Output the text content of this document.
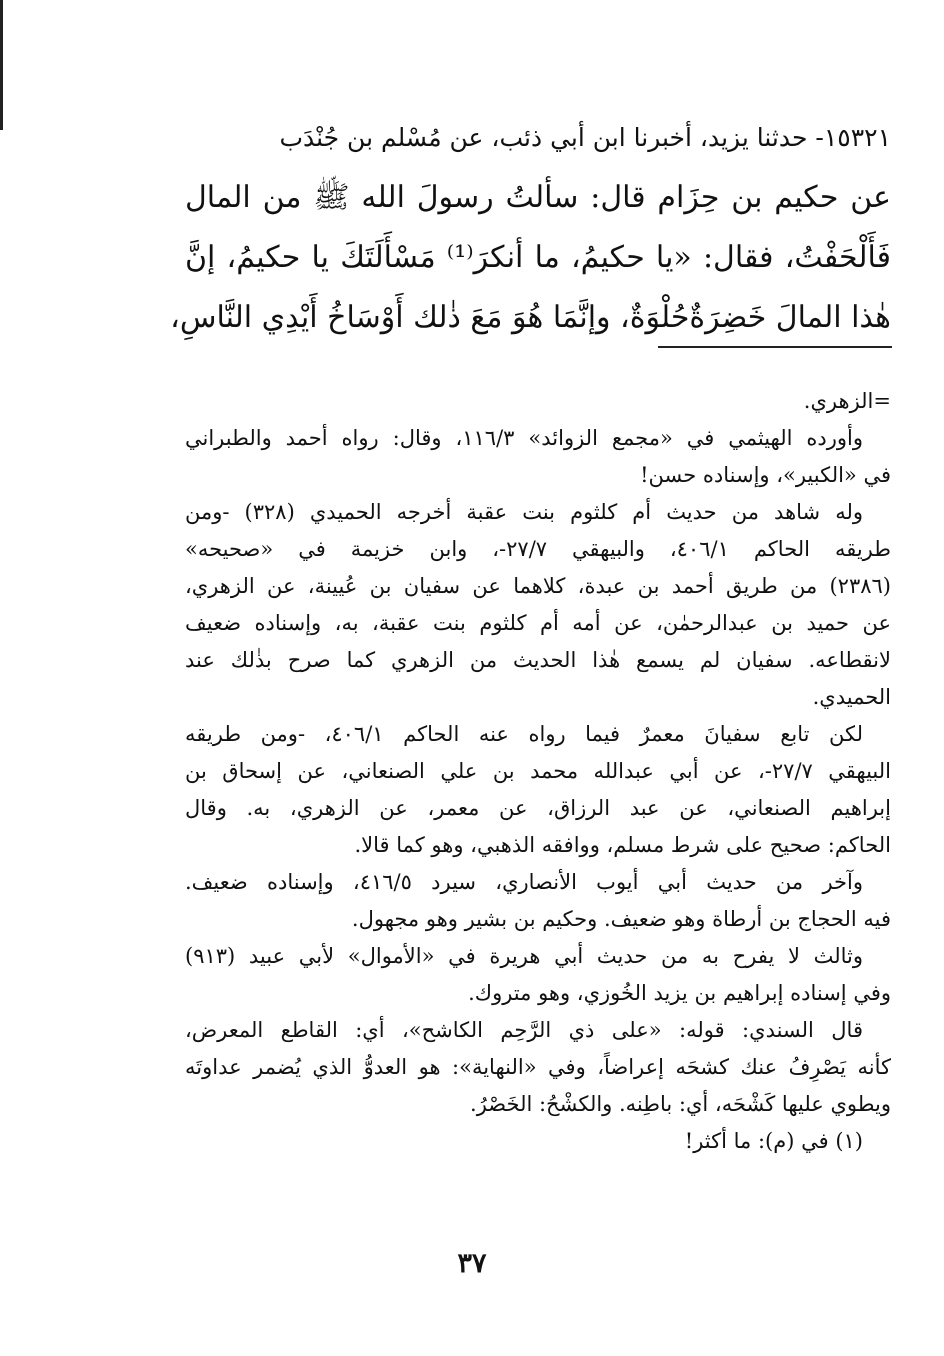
١٥٣٢١- حدثنا يزيد، أخبرنا ابن أبي ذئب، عن مُسْلم بن جُنْدَب
عن حكيم بن حِزَام قال: سألتُ رسولَ الله ﷺ من المال
فَأَلْحَفْتُ، فقال: «يا حكيمُ، ما أنكرَ⁽¹⁾ مَسْأَلَتَكَ يا حكيمُ، إنَّ
هٰذا المالَ خَضِرَةٌحُلْوَةٌ، وإنَّمَا هُوَ مَعَ ذٰلك أَوْسَاخُ أَيْدِي النَّاسِ،
=الزهري.
وأورده الهيثمي في «مجمع الزوائد» ١١٦/٣، وقال: رواه أحمد والطبراني
في «الكبير»، وإسناده حسن!
وله شاهد من حديث أم كلثوم بنت عقبة أخرجه الحميدي (٣٢٨) -ومن
طريقه الحاكم ٤٠٦/١، والبيهقي ٢٧/٧-، وابن خزيمة في «صحيحه»
(٢٣٨٦) من طريق أحمد بن عبدة، كلاهما عن سفيان بن عُيينة، عن الزهري،
عن حميد بن عبدالرحمٰن، عن أمه أم كلثوم بنت عقبة، به، وإسناده ضعيف
لانقطاعه. سفيان لم يسمع هٰذا الحديث من الزهري كما صرح بذٰلك عند
الحميدي.
لكن تابع سفيانَ معمرٌ فيما رواه عنه الحاكم ٤٠٦/١، -ومن طريقه
البيهقي ٢٧/٧-، عن أبي عبدالله محمد بن علي الصنعاني، عن إسحاق بن
إبراهيم الصنعاني، عن عبد الرزاق، عن معمر، عن الزهري، به. وقال
الحاكم: صحيح على شرط مسلم، ووافقه الذهبي، وهو كما قالا.
وآخر من حديث أبي أيوب الأنصاري، سيرد ٤١٦/٥، وإسناده ضعيف.
فيه الحجاج بن أرطاة وهو ضعيف. وحكيم بن بشير وهو مجهول.
وثالث لا يفرح به من حديث أبي هريرة في «الأموال» لأبي عبيد (٩١٣)
وفي إسناده إبراهيم بن يزيد الخُوزي، وهو متروك.
قال السندي: قوله: «على ذي الرَّحِم الكاشح»، أي: القاطع المعرض،
كأنه يَصْرِفُ عنك كشحَه إعراضاً، وفي «النهاية»: هو العدوُّ الذي يُضمر عداوتَه
ويطوي عليها كَشْحَه، أي: باطِنه. والكشْحُ: الخَصْرُ.
(١) في (م): ما أكثر!
٣٧
